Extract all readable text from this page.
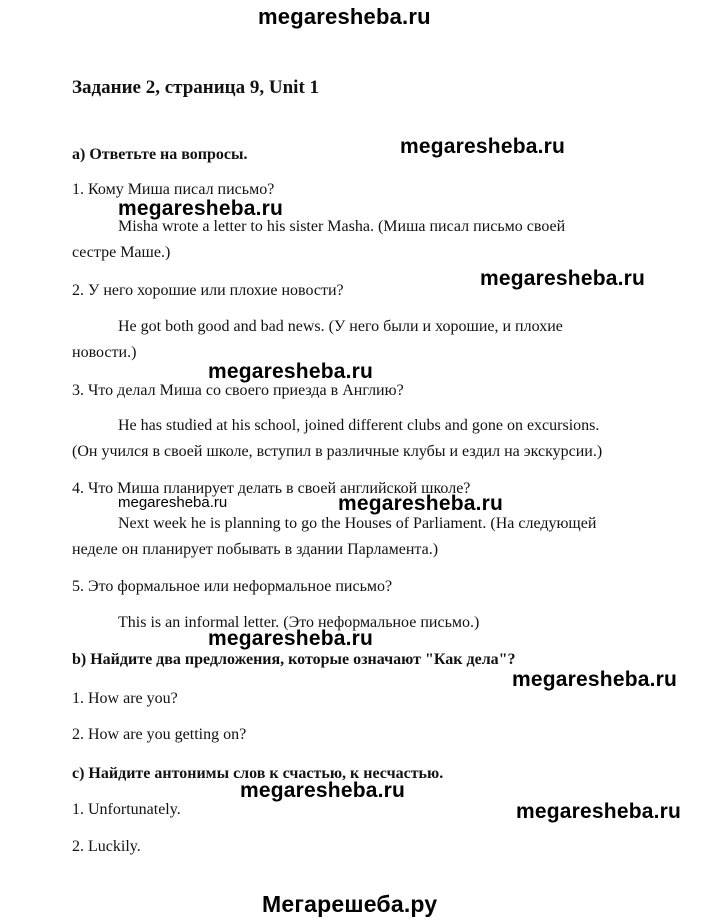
megaresheba.ru
Задание 2, страница 9, Unit 1
a) Ответьте на вопросы.	megaresheba.ru
1. Кому Миша писал письмо?
megaresheba.ru
Misha wrote a letter to his sister Masha. (Миша писал письмо своей
сестре Маше.)
2. У него хорошие или плохие новости?
megaresheba.ru
He got both good and bad news. (У него были и хорошие, и плохие
новости.)
megaresheba.ru
3. Что делал Миша со своего приезда в Англию?
He has studied at his school, joined different clubs and gone on excursions.
(Он учился в своей школе, вступил в различные клубы и ездил на экскурсии.)
4. Что Миша планирует делать в своей английской школе?
megaresheba.ru	megaresheba.ru
Next week he is planning to go the Houses of Parliament. (На следующей
неделе он планирует побывать в здании Парламента.)
5. Это формальное или неформальное письмо?
This is an informal letter. (Это неформальное письмо.)
megaresheba.ru
b) Найдите два предложения, которые означают "Как дела"?
megaresheba.ru
1. How are you?
2. How are you getting on?
c) Найдите антонимы слов к счастью, к несчастью.
megaresheba.ru
1. Unfortunately.	megaresheba.ru
2. Luckily.
Мегарешеба.ру
